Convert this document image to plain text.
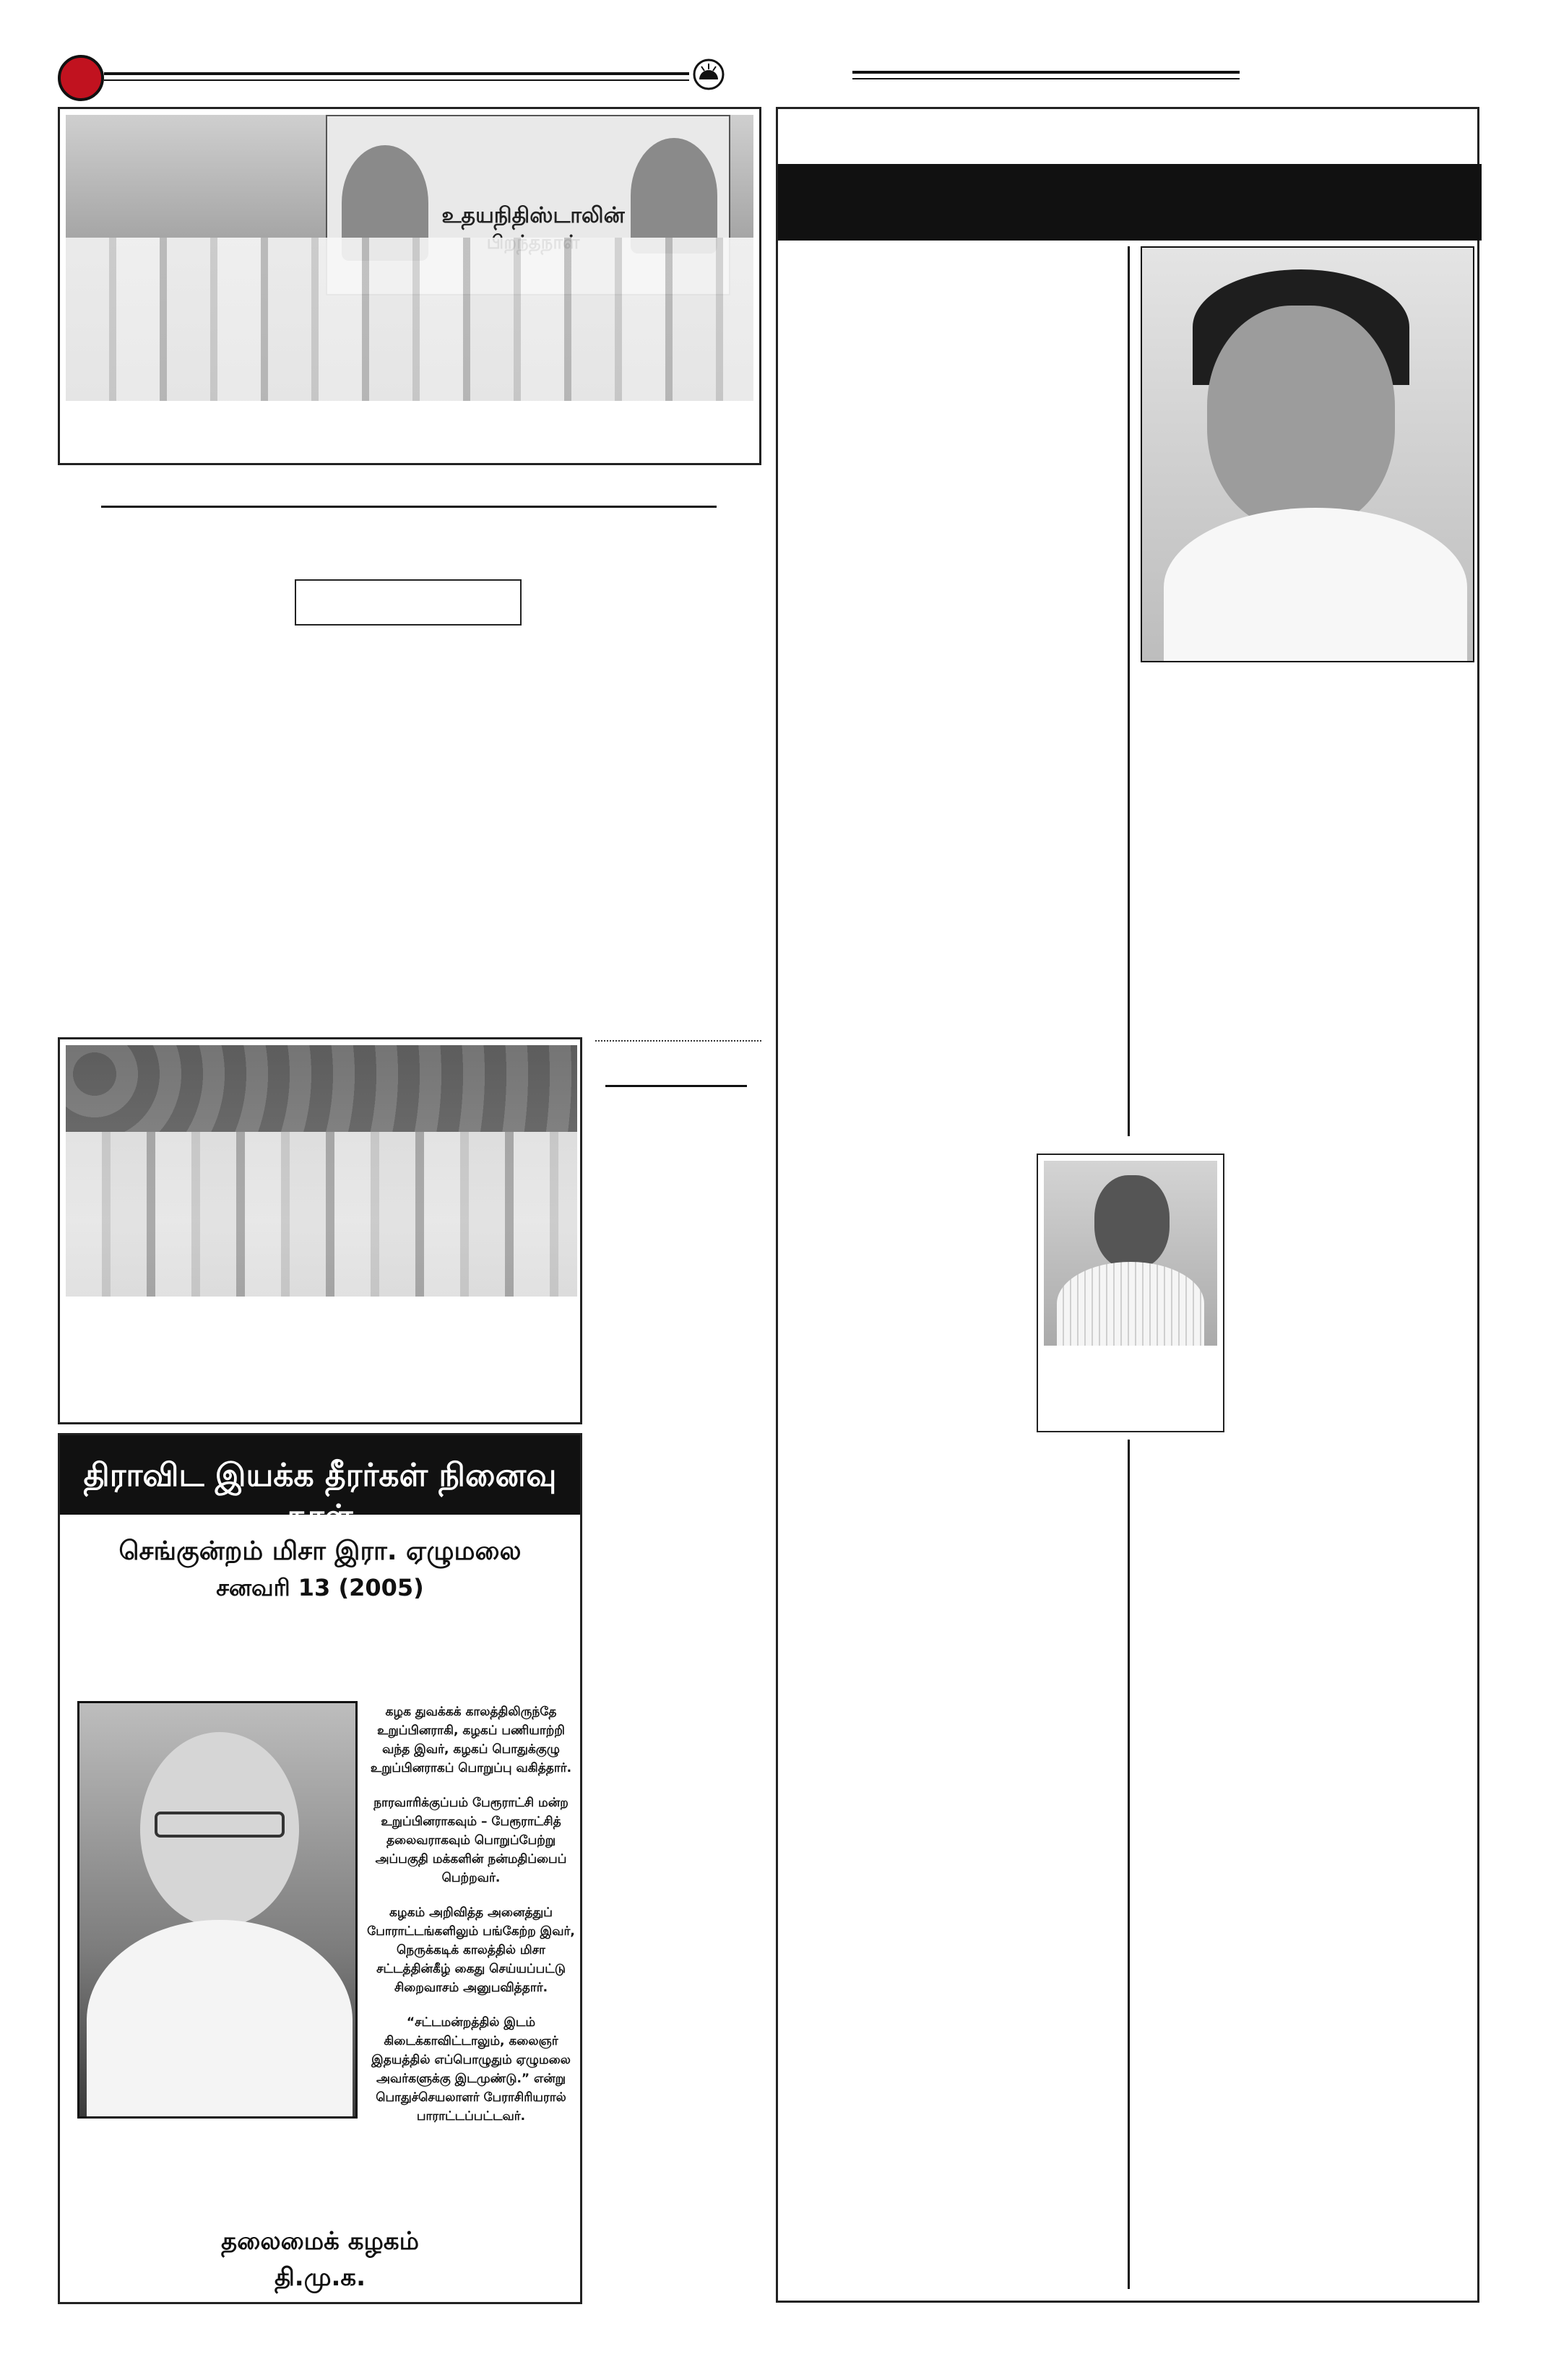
உதயநிதிஸ்டாலின்
திராவிட இயக்க தீரர்கள் நினைவு நாள்
செங்குன்றம் மிசா இரா. ஏழுமலை
சனவரி 13 (2005)

கழக துவக்கக் காலத்திலிருந்தே உறுப்பினராகி, கழகப் பணியாற்றி வந்த இவர், கழகப் பொதுக்குழு உறுப்பினராகப் பொறுப்பு வகித்தார்.

நாரவாரிக்குப்பம் பேரூராட்சி மன்ற உறுப்பினராகவும் – பேரூராட்சித் தலைவராகவும் பொறுப்பேற்று அப்பகுதி மக்களின் நன்மதிப்பைப் பெற்றவர்.

கழகம் அறிவித்த அனைத்துப் போராட்டங்களிலும் பங்கேற்ற இவர், நெருக்கடிக் காலத்தில் மிசா சட்டத்தின்கீழ் கைது செய்யப்பட்டு சிறைவாசம் அனுபவித்தார்.

“சட்டமன்றத்தில் இடம் கிடைக்காவிட்டாலும், கலைஞர் இதயத்தில் எப்பொழுதும் ஏழுமலை அவர்களுக்கு இடமுண்டு.” என்று பொதுச்செயலாளர் பேராசிரியரால் பாராட்டப்பட்டவர்.

தலைமைக் கழகம்
தி.மு.க.
